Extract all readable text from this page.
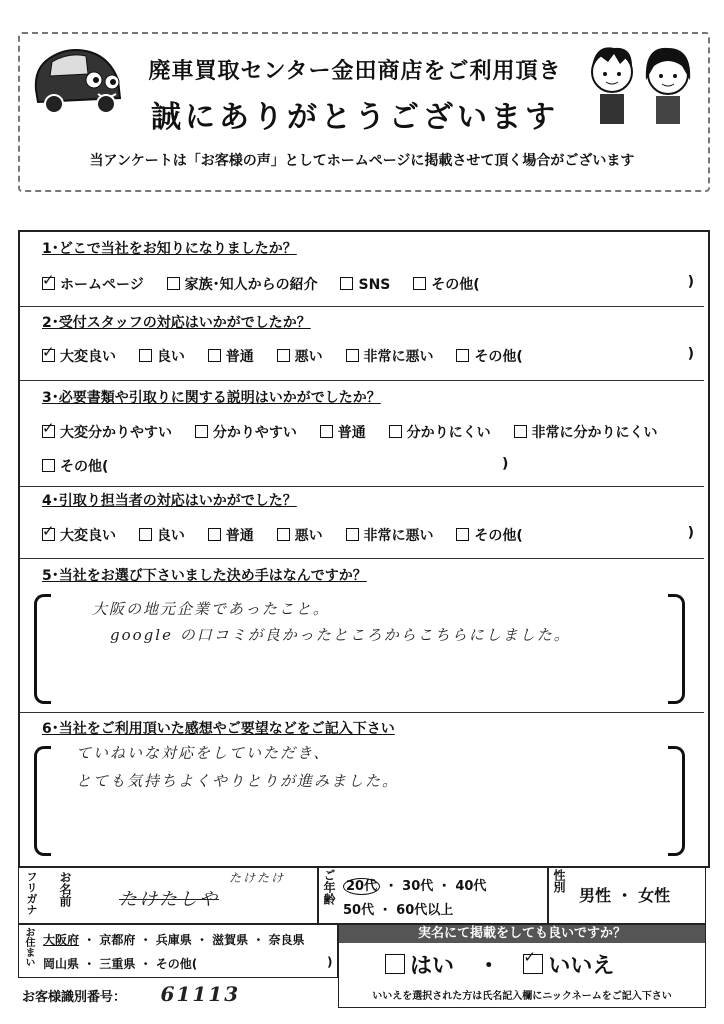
廃車買取センター金田商店をご利用頂き
誠にありがとうございます
当アンケートは「お客様の声」としてホームページに掲載させて頂く場合がございます
1･どこで当社をお知りになりましたか？
✓ホームページ	家族･知人からの紹介	SNS	その他(	)
2･受付スタッフの対応はいかがでしたか？
✓大変良い	良い	普通	悪い	非常に悪い	その他(	)
3･必要書類や引取りに関する説明はいかがでしたか？
✓大変分かりやすい	分かりやすい	普通	分かりにくい	非常に分かりにくい
その他(	)
4･引取り担当者の対応はいかがでした？
✓大変良い	良い	普通	悪い	非常に悪い	その他(	)
5･当社をお選び下さいました決め手はなんですか？
大阪の地元企業であったこと。
google の口コミが良かったところからこちらにしました。
6･当社をご利用頂いた感想やご要望などをご記入下さい
ていねいな対応をしていただき、
とても気持ちよくやりとりが進みました。
フリガナ お名前	たけたけ
たけたしや	ご年齢 20代 ・ 30代 ・ 40代
50代 ・ 60代以上
性別
男性 ・ 女性
お住まい 大阪府 ・ 京都府 ・ 兵庫県 ・ 滋賀県 ・ 奈良県
岡山県 ・ 三重県 ・ その他(	)
実名にて掲載をしても良いですか？
はい ・ ✓ いいえ
いいえを選択された方は氏名記入欄にニックネームをご記入下さい
お客様識別番号： 61113
